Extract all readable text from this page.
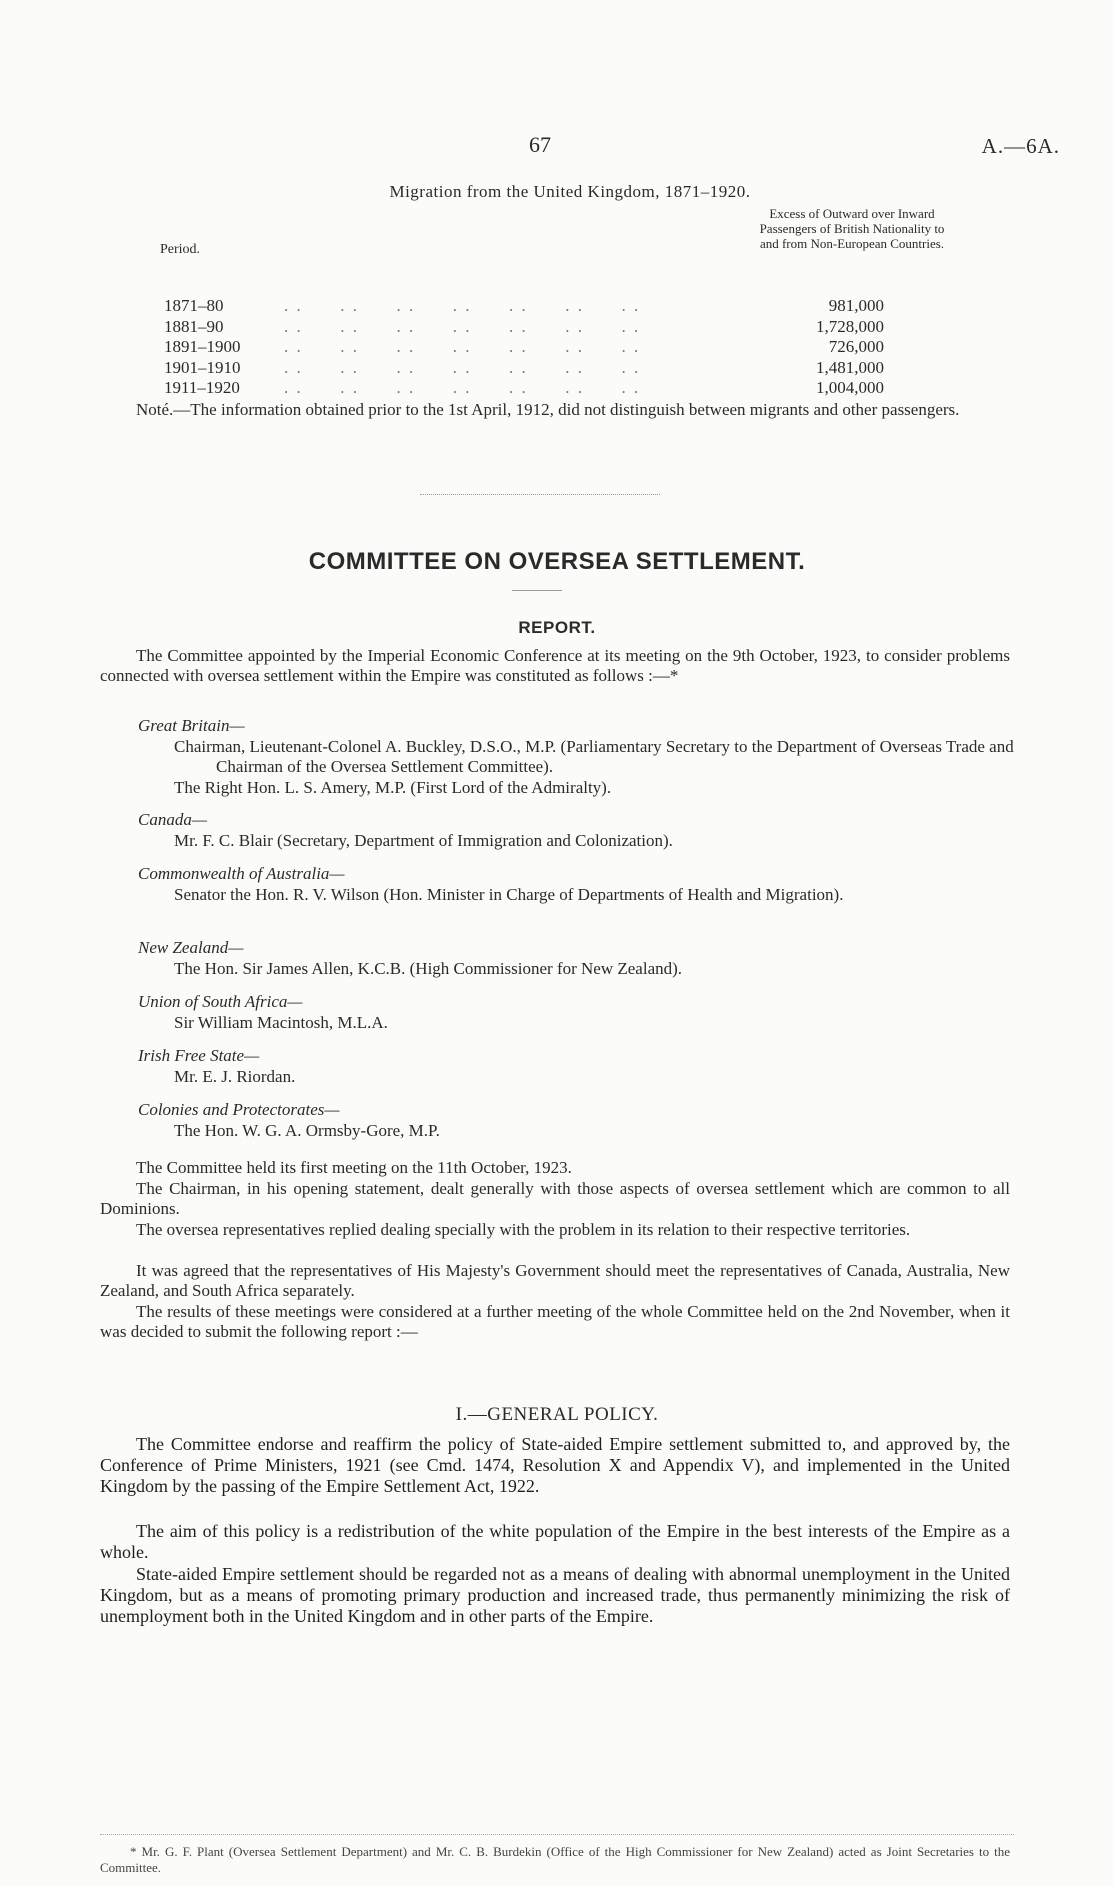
67	A.—6A.
Migration from the United Kingdom, 1871–1920.
Period.
Excess of Outward over Inward Passengers of British Nationality to and from Non-European Countries.
1871–80	. .      . .      . .      . .      . .      . .      . .	981,000
1881–90	. .      . .      . .      . .      . .      . .      . .	1,728,000
1891–1900	. .      . .      . .      . .      . .      . .      . .	726,000
1901–1910	. .      . .      . .      . .      . .      . .      . .	1,481,000
1911–1920	. .      . .      . .      . .      . .      . .      . .	1,004,000
Noté.—The information obtained prior to the 1st April, 1912, did not distinguish between migrants and other passengers.
COMMITTEE ON OVERSEA SETTLEMENT.
REPORT.

The Committee appointed by the Imperial Economic Conference at its meeting on the 9th October, 1923, to consider problems connected with oversea settlement within the Empire was constituted as follows :—*

Great Britain—
Chairman, Lieutenant-Colonel A. Buckley, D.S.O., M.P. (Parliamentary Secretary to the Department of Overseas Trade and Chairman of the Oversea Settlement Committee).
The Right Hon. L. S. Amery, M.P. (First Lord of the Admiralty).
Canada—
Mr. F. C. Blair (Secretary, Department of Immigration and Colonization).
Commonwealth of Australia—
Senator the Hon. R. V. Wilson (Hon. Minister in Charge of Departments of Health and Migration).
New Zealand—
The Hon. Sir James Allen, K.C.B. (High Commissioner for New Zealand).
Union of South Africa—
Sir William Macintosh, M.L.A.
Irish Free State—
Mr. E. J. Riordan.
Colonies and Protectorates—
The Hon. W. G. A. Ormsby-Gore, M.P.

The Committee held its first meeting on the 11th October, 1923.

The Chairman, in his opening statement, dealt generally with those aspects of oversea settlement which are common to all Dominions.

The oversea representatives replied dealing specially with the problem in its relation to their respective territories.

It was agreed that the representatives of His Majesty's Government should meet the representatives of Canada, Australia, New Zealand, and South Africa separately.

The results of these meetings were considered at a further meeting of the whole Committee held on the 2nd November, when it was decided to submit the following report :—

I.—GENERAL POLICY.

The Committee endorse and reaffirm the policy of State-aided Empire settlement submitted to, and approved by, the Conference of Prime Ministers, 1921 (see Cmd. 1474, Resolution X and Appendix V), and implemented in the United Kingdom by the passing of the Empire Settlement Act, 1922.

The aim of this policy is a redistribution of the white population of the Empire in the best interests of the Empire as a whole.

State-aided Empire settlement should be regarded not as a means of dealing with abnormal unemployment in the United Kingdom, but as a means of promoting primary production and increased trade, thus permanently minimizing the risk of unemployment both in the United Kingdom and in other parts of the Empire.

* Mr. G. F. Plant (Oversea Settlement Department) and Mr. C. B. Burdekin (Office of the High Commissioner for New Zealand) acted as Joint Secretaries to the Committee.
